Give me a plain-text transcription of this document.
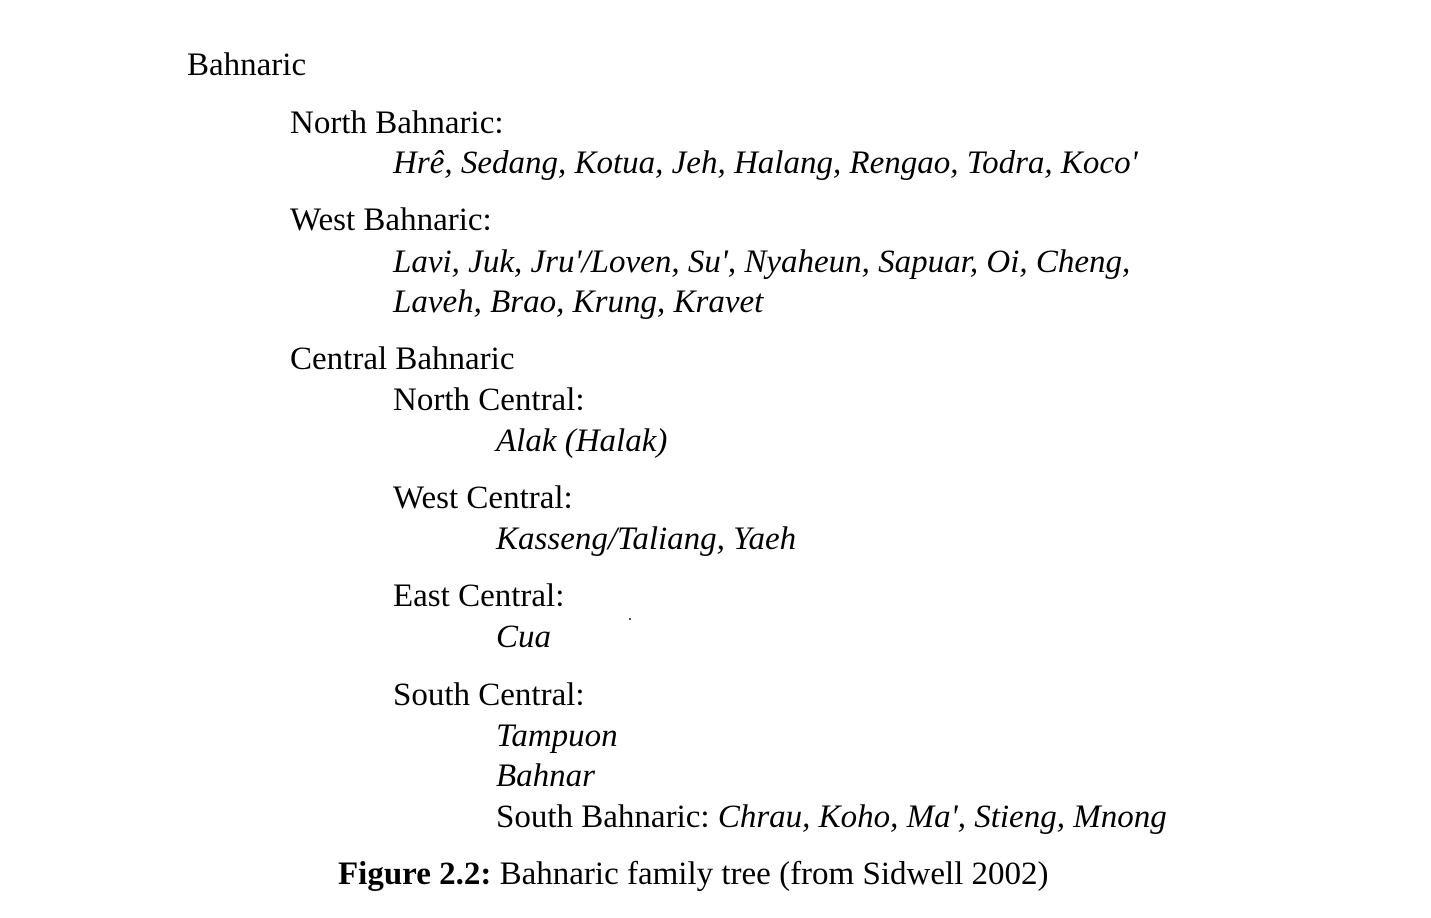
Bahnaric
North Bahnaric:
Hrê, Sedang, Kotua, Jeh, Halang, Rengao, Todra, Koco'
West Bahnaric:
Lavi, Juk, Jru'/Loven, Su', Nyaheun, Sapuar, Oi, Cheng,
Laveh, Brao, Krung, Kravet
Central Bahnaric
North Central:
Alak (Halak)
West Central:
Kasseng/Taliang, Yaeh
East Central:
Cua
South Central:
Tampuon
Bahnar
South Bahnaric: Chrau, Koho, Ma', Stieng, Mnong
Figure 2.2: Bahnaric family tree (from Sidwell 2002)
